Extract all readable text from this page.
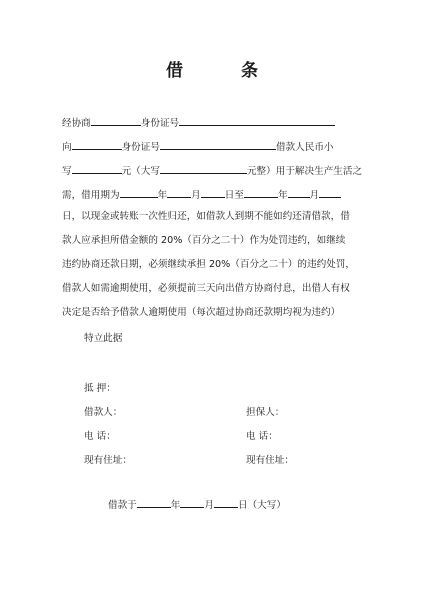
借 条
经协商	身份证号
向	身份证号	借款人民币小
写	元（大写	元整）用于解决生产生活之
需，借用期为	年	月	日至	年 月
日，以现金或转账一次性归还，如借款人到期不能如约还清借款，借
款人应承担所借金额的 20%（百分之二十）作为处罚违约，如继续
违约协商还款日期，必须继续承担 20%（百分之二十）的违约处罚，
借款人如需逾期使用，必须提前三天向出借方协商付息，出借人有权
决定是否给予借款人逾期使用（每次超过协商还款期均视为违约）
特立此据
抵 押：
借款人：	担保人：
电 话：	电 话：
现有住址：	现有住址：
借款于	年	月	日（大写）
